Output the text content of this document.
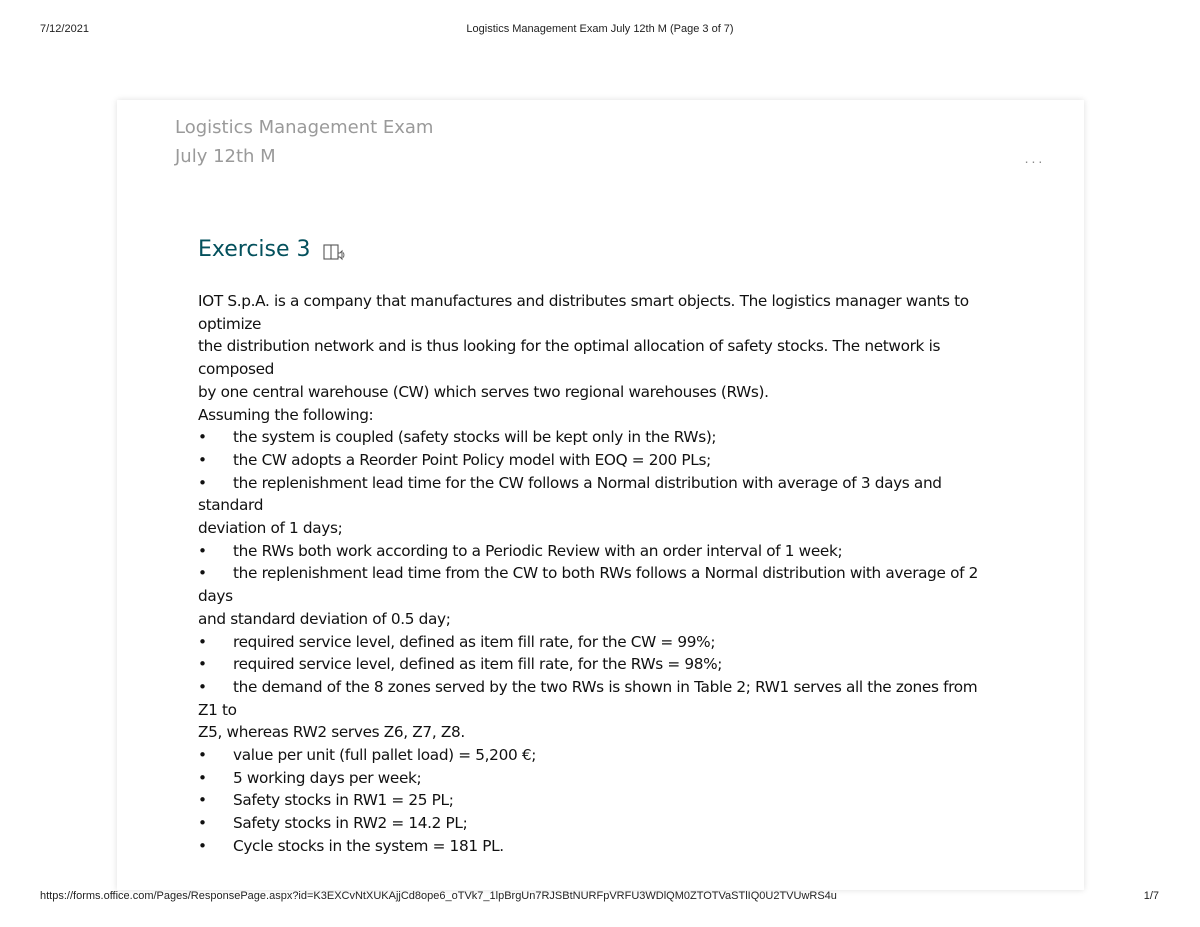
7/12/2021	Logistics Management Exam July 12th M (Page 3 of 7)
Logistics Management Exam
July 12th M	...
Exercise 3
IOT S.p.A. is a company that manufactures and distributes smart objects. The logistics manager wants to optimize
the distribution network and is thus looking for the optimal allocation of safety stocks. The network is composed
by one central warehouse (CW) which serves two regional warehouses (RWs).
Assuming the following:
• the system is coupled (safety stocks will be kept only in the RWs);
• the CW adopts a Reorder Point Policy model with EOQ = 200 PLs;
• the replenishment lead time for the CW follows a Normal distribution with average of 3 days and standard
deviation of 1 days;
• the RWs both work according to a Periodic Review with an order interval of 1 week;
• the replenishment lead time from the CW to both RWs follows a Normal distribution with average of 2 days
and standard deviation of 0.5 day;
• required service level, defined as item fill rate, for the CW = 99%;
• required service level, defined as item fill rate, for the RWs = 98%;
• the demand of the 8 zones served by the two RWs is shown in Table 2; RW1 serves all the zones from Z1 to
Z5, whereas RW2 serves Z6, Z7, Z8.
• value per unit (full pallet load) = 5,200 €;
• 5 working days per week;
• Safety stocks in RW1 = 25 PL;
• Safety stocks in RW2 = 14.2 PL;
• Cycle stocks in the system = 181 PL.
https://forms.office.com/Pages/ResponsePage.aspx?id=K3EXCvNtXUKAjjCd8ope6_oTVk7_1lpBrgUn7RJSBtNURFpVRFU3WDlQM0ZTOTVaSTlIQ0U2TVUwRS4u	1/7
